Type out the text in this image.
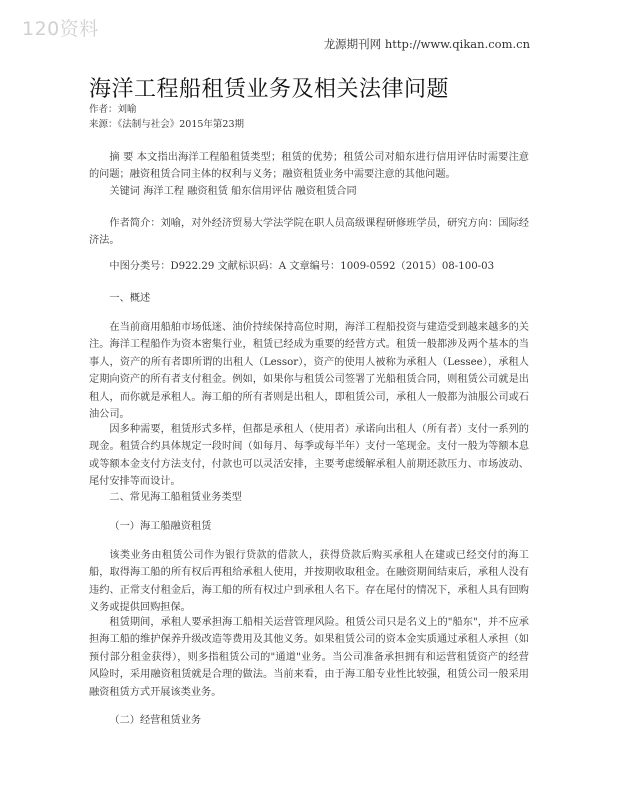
120资料
龙源期刊网 http://www.qikan.com.cn
海洋工程船租赁业务及相关法律问题
作者：刘喻
来源：《法制与社会》2015年第23期

摘 要 本文指出海洋工程船租赁类型；租赁的优势；租赁公司对船东进行信用评估时需要注意的问题；融资租赁合同主体的权利与义务；融资租赁业务中需要注意的其他问题。

关键词 海洋工程 融资租赁 船东信用评估 融资租赁合同

作者简介：刘喻，对外经济贸易大学法学院在职人员高级课程研修班学员，研究方向：国际经济法。

中图分类号：D922.29 文献标识码：A 文章编号：1009-0592（2015）08-100-03

一、概述

在当前商用船舶市场低迷、油价持续保持高位时期，海洋工程船投资与建造受到越来越多的关注。海洋工程船作为资本密集行业，租赁已经成为重要的经营方式。租赁一般都涉及两个基本的当事人，资产的所有者即所谓的出租人（Lessor），资产的使用人被称为承租人（Lessee），承租人定期向资产的所有者支付租金。例如，如果你与租赁公司签署了光船租赁合同，则租赁公司就是出租人，而你就是承租人。海工船的所有者则是出租人，即租赁公司，承租人一般都为油服公司或石油公司。

因多种需要，租赁形式多样，但都是承租人（使用者）承诺向出租人（所有者）支付一系列的现金。租赁合约具体规定一段时间（如每月、每季或每半年）支付一笔现金。支付一般为等额本息或等额本金支付方法支付，付款也可以灵活安排，主要考虑缓解承租人前期还款压力、市场波动、尾付安排等而设计。

二、常见海工船租赁业务类型

（一）海工船融资租赁

该类业务由租赁公司作为银行贷款的借款人，获得贷款后购买承租人在建或已经交付的海工船，取得海工船的所有权后再租给承租人使用，并按期收取租金。在融资期间结束后，承租人没有违约、正常支付租金后，海工船的所有权过户到承租人名下。存在尾付的情况下，承租人具有回购义务或提供回购担保。

租赁期间，承租人要承担海工船相关运营管理风险。租赁公司只是名义上的"船东"，并不应承担海工船的维护保养升级改造等费用及其他义务。如果租赁公司的资本金实质通过承租人承担（如预付部分租金获得），则多指租赁公司的"通道"业务。当公司准备承担拥有和运营租赁资产的经营风险时，采用融资租赁就是合理的做法。当前来看，由于海工船专业性比较强，租赁公司一般采用融资租赁方式开展该类业务。

（二）经营租赁业务
